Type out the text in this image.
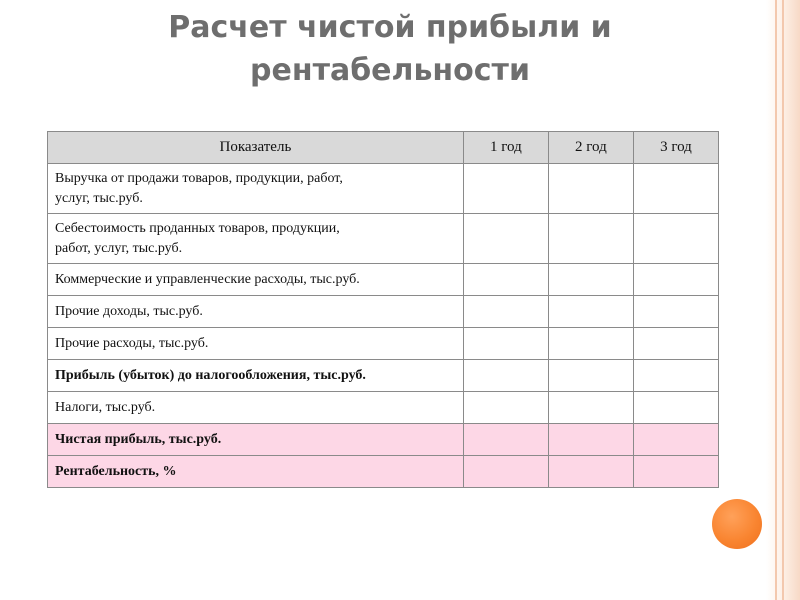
Расчет чистой прибыли и
рентабельности
Показатель	1 год	2 год	3 год
Выручка от продажи товаров, продукции, работ,
услуг, тыс.руб.			
Себестоимость проданных товаров, продукции,
работ, услуг, тыс.руб.			
Коммерческие и управленческие расходы, тыс.руб.			
Прочие доходы, тыс.руб.			
Прочие расходы, тыс.руб.			
Прибыль (убыток) до налогообложения, тыс.руб.			
Налоги, тыс.руб.			
Чистая прибыль, тыс.руб.			
Рентабельность, %			
